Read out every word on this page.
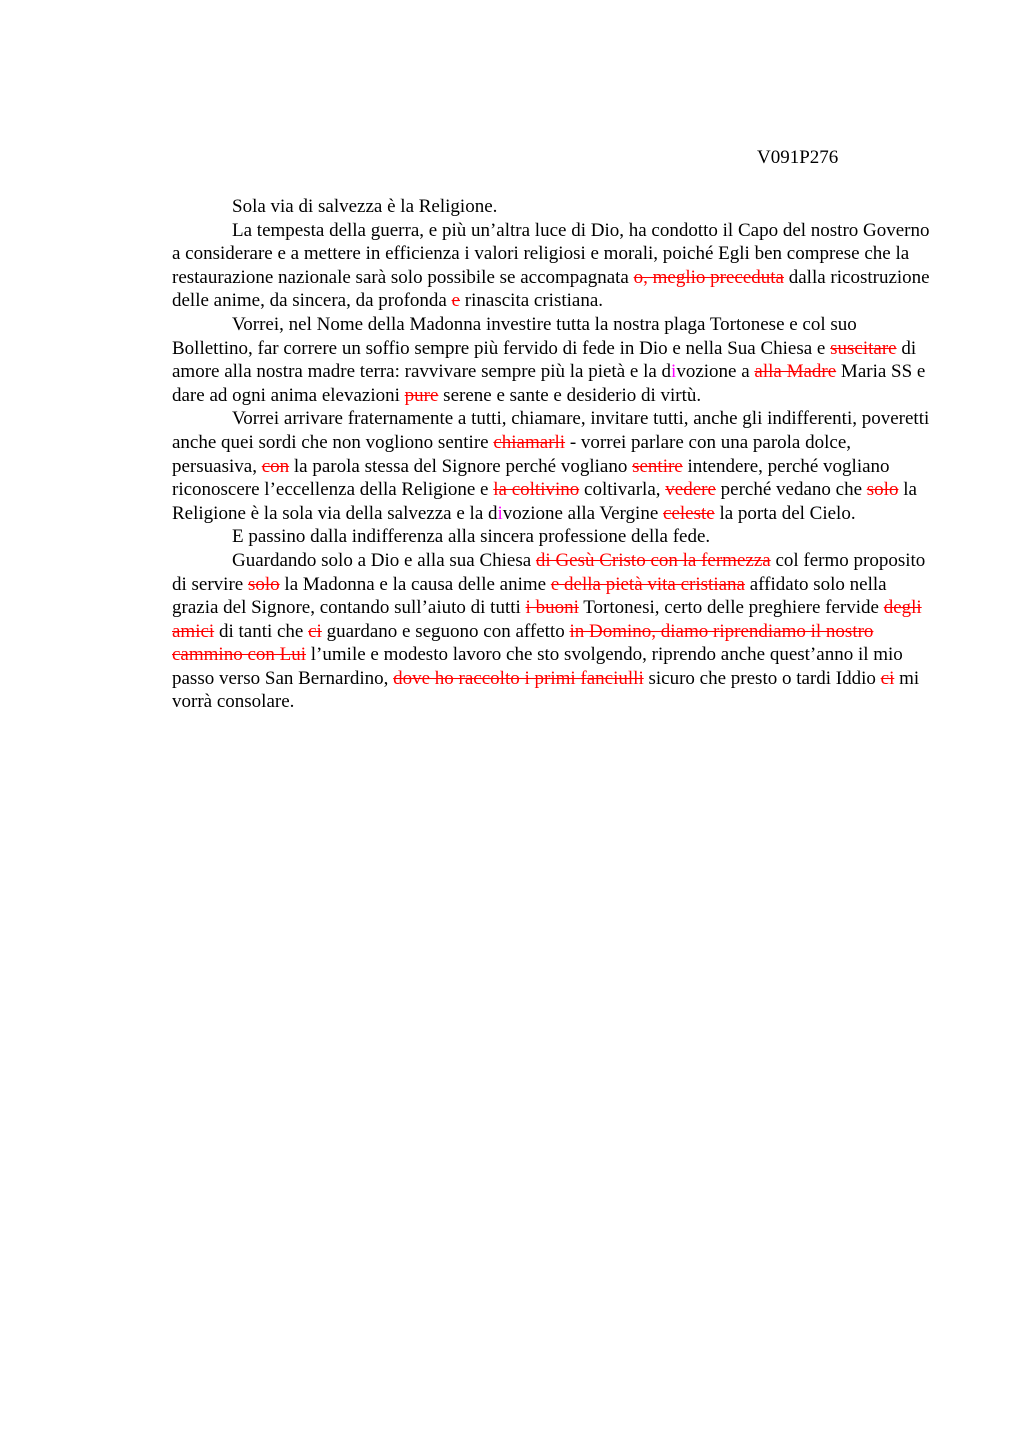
V091P276

Sola via di salvezza è la Religione.

La tempesta della guerra, e più un’altra luce di Dio, ha condotto il Capo del nostro Governo a considerare e a mettere in efficienza i valori religiosi e morali, poiché Egli ben comprese che la restaurazione nazionale sarà solo possibile se accompagnata o, meglio preceduta dalla ricostruzione delle anime, da sincera, da profonda e rinascita cristiana.

Vorrei, nel Nome della Madonna investire tutta la nostra plaga Tortonese e col suo Bollettino, far correre un soffio sempre più fervido di fede in Dio e nella Sua Chiesa e suscitare di amore alla nostra madre terra: ravvivare sempre più la pietà e la divozione a alla Madre Maria SS e dare ad ogni anima elevazioni pure serene e sante e desiderio di virtù.

Vorrei arrivare fraternamente a tutti, chiamare, invitare tutti, anche gli indifferenti, poveretti anche quei sordi che non vogliono sentire chiamarli - vorrei parlare con una parola dolce, persuasiva, con la parola stessa del Signore perché vogliano sentire intendere, perché vogliano riconoscere l’eccellenza della Religione e la coltivino coltivarla, vedere perché vedano che solo la Religione è la sola via della salvezza e la divozione alla Vergine celeste la porta del Cielo.

E passino dalla indifferenza alla sincera professione della fede.

Guardando solo a Dio e alla sua Chiesa di Gesù Cristo con la fermezza col fermo proposito di servire solo la Madonna e la causa delle anime e della pietà vita cristiana affidato solo nella grazia del Signore, contando sull’aiuto di tutti i buoni Tortonesi, certo delle preghiere fervide degli amici di tanti che ci guardano e seguono con affetto in Domino, diamo riprendiamo il nostro cammino con Lui l’umile e modesto lavoro che sto svolgendo, riprendo anche quest’anno il mio passo verso San Bernardino, dove ho raccolto i primi fanciulli sicuro che presto o tardi Iddio ci mi vorrà consolare.
